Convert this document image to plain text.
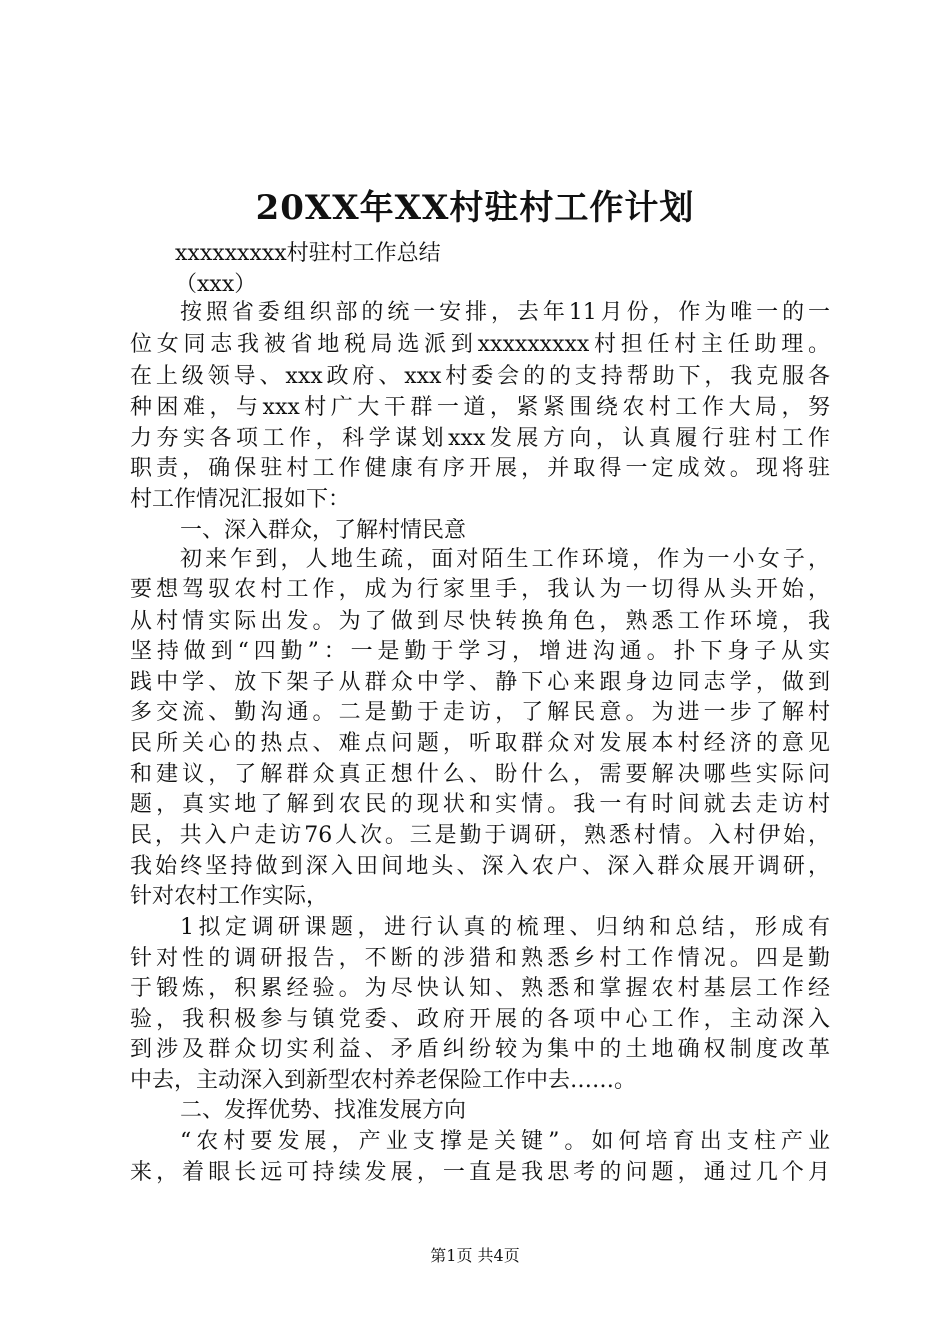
20XX年XX村驻村工作计划

xxxxxxxxx村驻村工作总结

（xxx）

按照省委组织部的统一安排，去年11月份，作为唯一的一

位女同志我被省地税局选派到xxxxxxxxx村担任村主任助理。

在上级领导、xxx政府、xxx村委会的的支持帮助下，我克服各

种困难，与xxx村广大干群一道，紧紧围绕农村工作大局，努

力夯实各项工作，科学谋划xxx发展方向，认真履行驻村工作

职责，确保驻村工作健康有序开展，并取得一定成效。现将驻

村工作情况汇报如下：

一、深入群众，了解村情民意

初来乍到，人地生疏，面对陌生工作环境，作为一小女子，

要想驾驭农村工作，成为行家里手，我认为一切得从头开始，

从村情实际出发。为了做到尽快转换角色，熟悉工作环境，我

坚持做到“四勤”：一是勤于学习，增进沟通。扑下身子从实

践中学、放下架子从群众中学、静下心来跟身边同志学，做到

多交流、勤沟通。二是勤于走访，了解民意。为进一步了解村

民所关心的热点、难点问题，听取群众对发展本村经济的意见

和建议，了解群众真正想什么、盼什么，需要解决哪些实际问

题，真实地了解到农民的现状和实情。我一有时间就去走访村

民，共入户走访76人次。三是勤于调研，熟悉村情。入村伊始，

我始终坚持做到深入田间地头、深入农户、深入群众展开调研，

针对农村工作实际，

1拟定调研课题，进行认真的梳理、归纳和总结，形成有

针对性的调研报告，不断的涉猎和熟悉乡村工作情况。四是勤

于锻炼，积累经验。为尽快认知、熟悉和掌握农村基层工作经

验，我积极参与镇党委、政府开展的各项中心工作，主动深入

到涉及群众切实利益、矛盾纠纷较为集中的土地确权制度改革

中去，主动深入到新型农村养老保险工作中去……。

二、发挥优势、找准发展方向

“农村要发展，产业支撑是关键”。如何培育出支柱产业

来，着眼长远可持续发展，一直是我思考的问题，通过几个月

第1页 共4页
